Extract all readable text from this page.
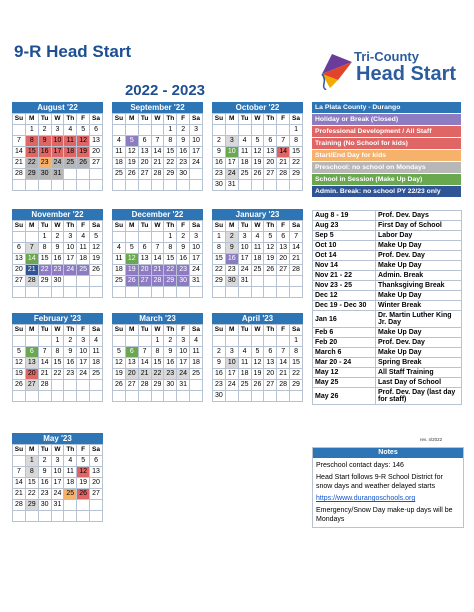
9-R Head Start
2022 - 2023
Tri-County
Head Start
August '22
Su	M	Tu	W	Th	F	Sa
	1	2	3	4	5	6
7	8	9	10	11	12	13
14	15	16	17	18	19	20
21	22	23	24	25	26	27
28	29	30	31			

September '22
Su	M	Tu	W	Th	F	Sa
				1	2	3
4	5	6	7	8	9	10
11	12	13	14	15	16	17
18	19	20	21	22	23	24
25	26	27	28	29	30	

October '22
Su	M	Tu	W	Th	F	Sa
						1
2	3	4	5	6	7	8
9	10	11	12	13	14	15
16	17	18	19	20	21	22
23	24	25	26	27	28	29
30	31					
November '22
Su	M	Tu	W	Th	F	Sa
		1	2	3	4	5
6	7	8	9	10	11	12
13	14	15	16	17	18	19
20	21	22	23	24	25	26
27	28	29	30			

December '22
Su	M	Tu	W	Th	F	Sa
				1	2	3
4	5	6	7	8	9	10
11	12	13	14	15	16	17
18	19	20	21	22	23	24
25	26	27	28	29	30	31

January '23
Su	M	Tu	W	Th	F	Sa
1	2	3	4	5	6	7
8	9	10	11	12	13	14
15	16	17	18	19	20	21
22	23	24	25	26	27	28
29	30	31				

February '23
Su	M	Tu	W	Th	F	Sa
			1	2	3	4
5	6	7	8	9	10	11
12	13	14	15	16	17	18
19	20	21	22	23	24	25
26	27	28				

March '23
Su	M	Tu	W	Th	F	Sa
			1	2	3	4
5	6	7	8	9	10	11
12	13	14	15	16	17	18
19	20	21	22	23	24	25
26	27	28	29	30	31	

April '23
Su	M	Tu	W	Th	F	Sa
						1
2	3	4	5	6	7	8
9	10	11	12	13	14	15
16	17	18	19	20	21	22
23	24	25	26	27	28	29
30						
May '23
Su	M	Tu	W	Th	F	Sa
	1	2	3	4	5	6
7	8	9	10	11	12	13
14	15	16	17	18	19	20
21	22	23	24	25	26	27
28	29	30	31			

La Plata County - Durango
Holiday or Break (Closed)
Professional Development / All Staff
Training (No School for kids)
Start/End Day for kids
Preschool: no school on Mondays
School in Session (Make Up Day)
Admin. Break: no school PY 22/23 only
Aug 8 - 19	Prof. Dev. Days
Aug 23	First Day of School
Sep 5	Labor Day
Oct 10	Make Up Day
Oct 14	Prof. Dev. Day
Nov 14	Make Up Day
Nov 21 - 22	Admin. Break
Nov 23 - 25	Thanksgiving Break
Dec 12	Make Up Day
Dec 19 - Dec 30	Winter Break
Jan 16	Dr. Martin Luther King Jr. Day
Feb 6	Make Up Day
Feb 20	Prof. Dev. Day
March 6	Make Up Day
Mar 20 - 24	Spring Break
May 12	All Staff Training
May 25	Last Day of School
May 26	Prof. Dev. Day (last day for staff)
rev. 4/2022
Notes

Preschool contact days: 146

Head Start follows 9-R School District for snow days and weather delayed starts

https://www.durangoschools.org

Emergency/Snow Day make-up days will be Mondays
